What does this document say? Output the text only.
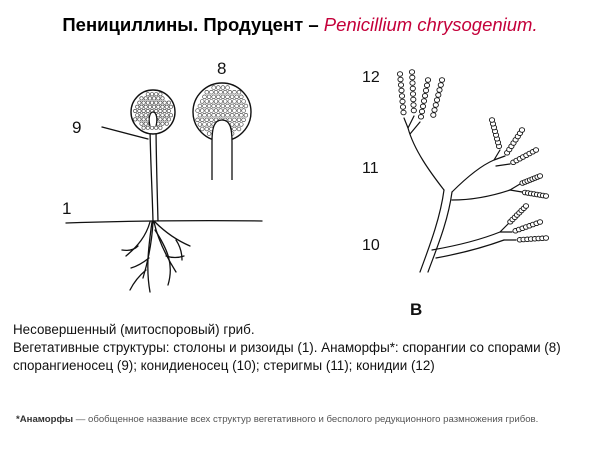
Пенициллины. Продуцент – Penicillium chrysogenium.
8
9
1
12
11
10
B
Несовершенный (митоспоровый) гриб.
Вегетативные структуры: столоны и ризоиды (1). Анаморфы*: спорангии со спорами (8)
спорангиеносец (9); конидиеносец (10); стеригмы (11); конидии (12)
*Анаморфы — обобщенное название всех структур вегетативного и бесполого редукционного размножения грибов.
